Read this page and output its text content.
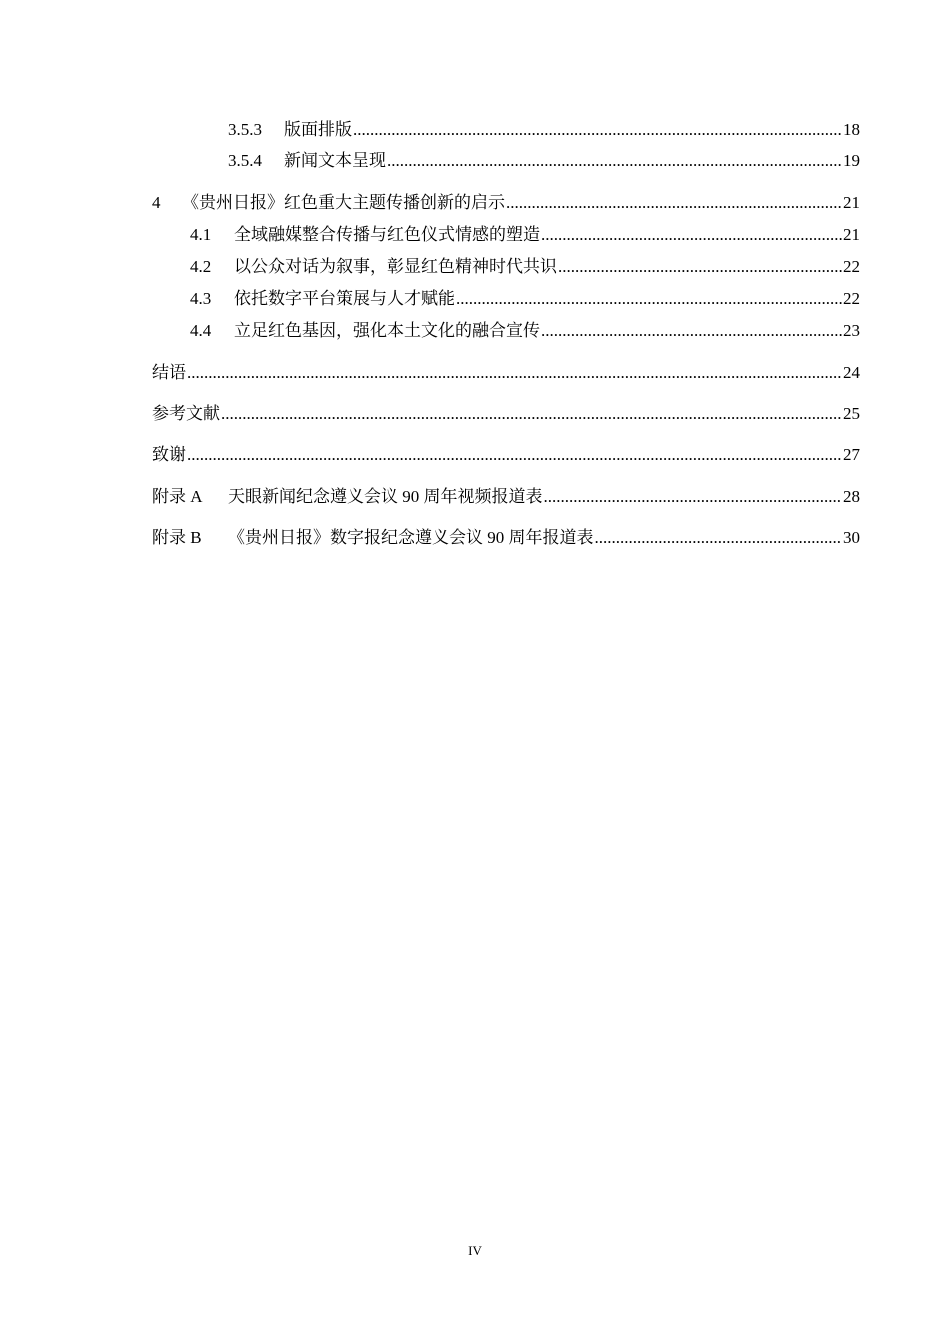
3.5.3	版面排版 .....	18
3.5.4	新闻文本呈现 .....	19
4	《贵州日报》红色重大主题传播创新的启示 .....	21
4.1	全域融媒整合传播与红色仪式情感的塑造 .....	21
4.2	以公众对话为叙事，彰显红色精神时代共识 .....	22
4.3	依托数字平台策展与人才赋能 .....	22
4.4	立足红色基因，强化本土文化的融合宣传 .....	23
结语 .....	24
参考文献 .....	25
致谢 .....	27
附录 A	天眼新闻纪念遵义会议 90 周年视频报道表 .....	28
附录 B	《贵州日报》数字报纪念遵义会议 90 周年报道表 .....	30
IV
